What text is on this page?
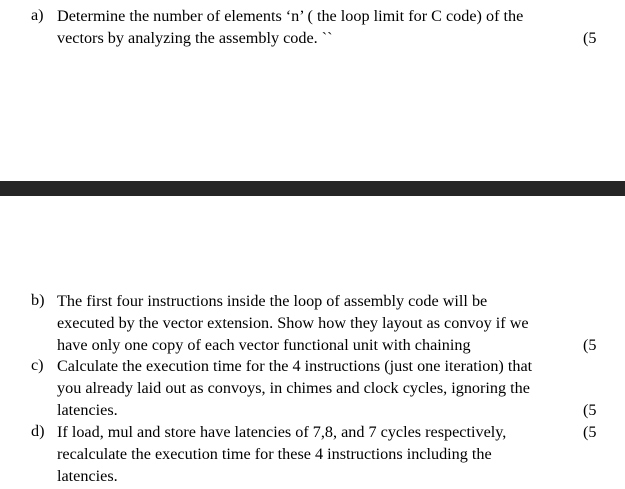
a) Determine the number of elements ‘n’ ( the loop limit for C code) of the
vectors by analyzing the assembly code. ``	(5
b) The first four instructions inside the loop of assembly code will be
executed by the vector extension. Show how they layout as convoy if we
have only one copy of each vector functional unit with chaining	(5
c) Calculate the execution time for the 4 instructions (just one iteration) that
you already laid out as convoys, in chimes and clock cycles, ignoring the
latencies.	(5
d) If load, mul and store have latencies of 7,8, and 7 cycles respectively,
recalculate the execution time for these 4 instructions including the
latencies.
(5
